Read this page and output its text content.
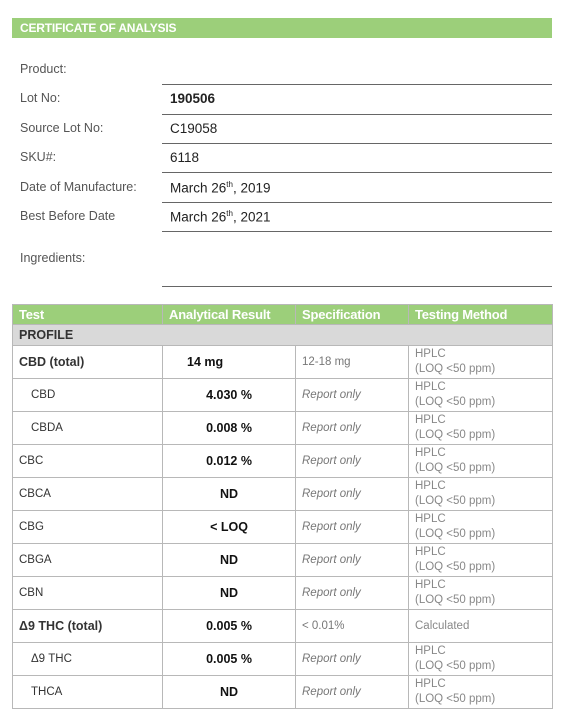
CERTIFICATE OF ANALYSIS
Product:
Lot No:	190506
Source Lot No:	C19058
SKU#:	6118
Date of Manufacture: March 26th, 2019
Best Before Date	March 26th, 2021
Ingredients:
Test	Analytical Result	Specification	Testing Method
PROFILE			
CBD (total)	14 mg	12-18 mg	HPLC
(LOQ <50 ppm)

CBD	4.030 %	Report only	HPLC
(LOQ <50 ppm)

CBDA	0.008 %	Report only	HPLC
(LOQ <50 ppm)

CBC	0.012 %	Report only	HPLC
(LOQ <50 ppm)

CBCA	ND	Report only	HPLC
(LOQ <50 ppm)

CBG	< LOQ	Report only	HPLC
(LOQ <50 ppm)

CBGA	ND	Report only	HPLC
(LOQ <50 ppm)

CBN	ND	Report only	HPLC
(LOQ <50 ppm)

Δ9 THC (total)	0.005 %	< 0.01%	Calculated

Δ9 THC	0.005 %	Report only	HPLC
(LOQ <50 ppm)

THCA	ND	Report only	HPLC
(LOQ <50 ppm)
